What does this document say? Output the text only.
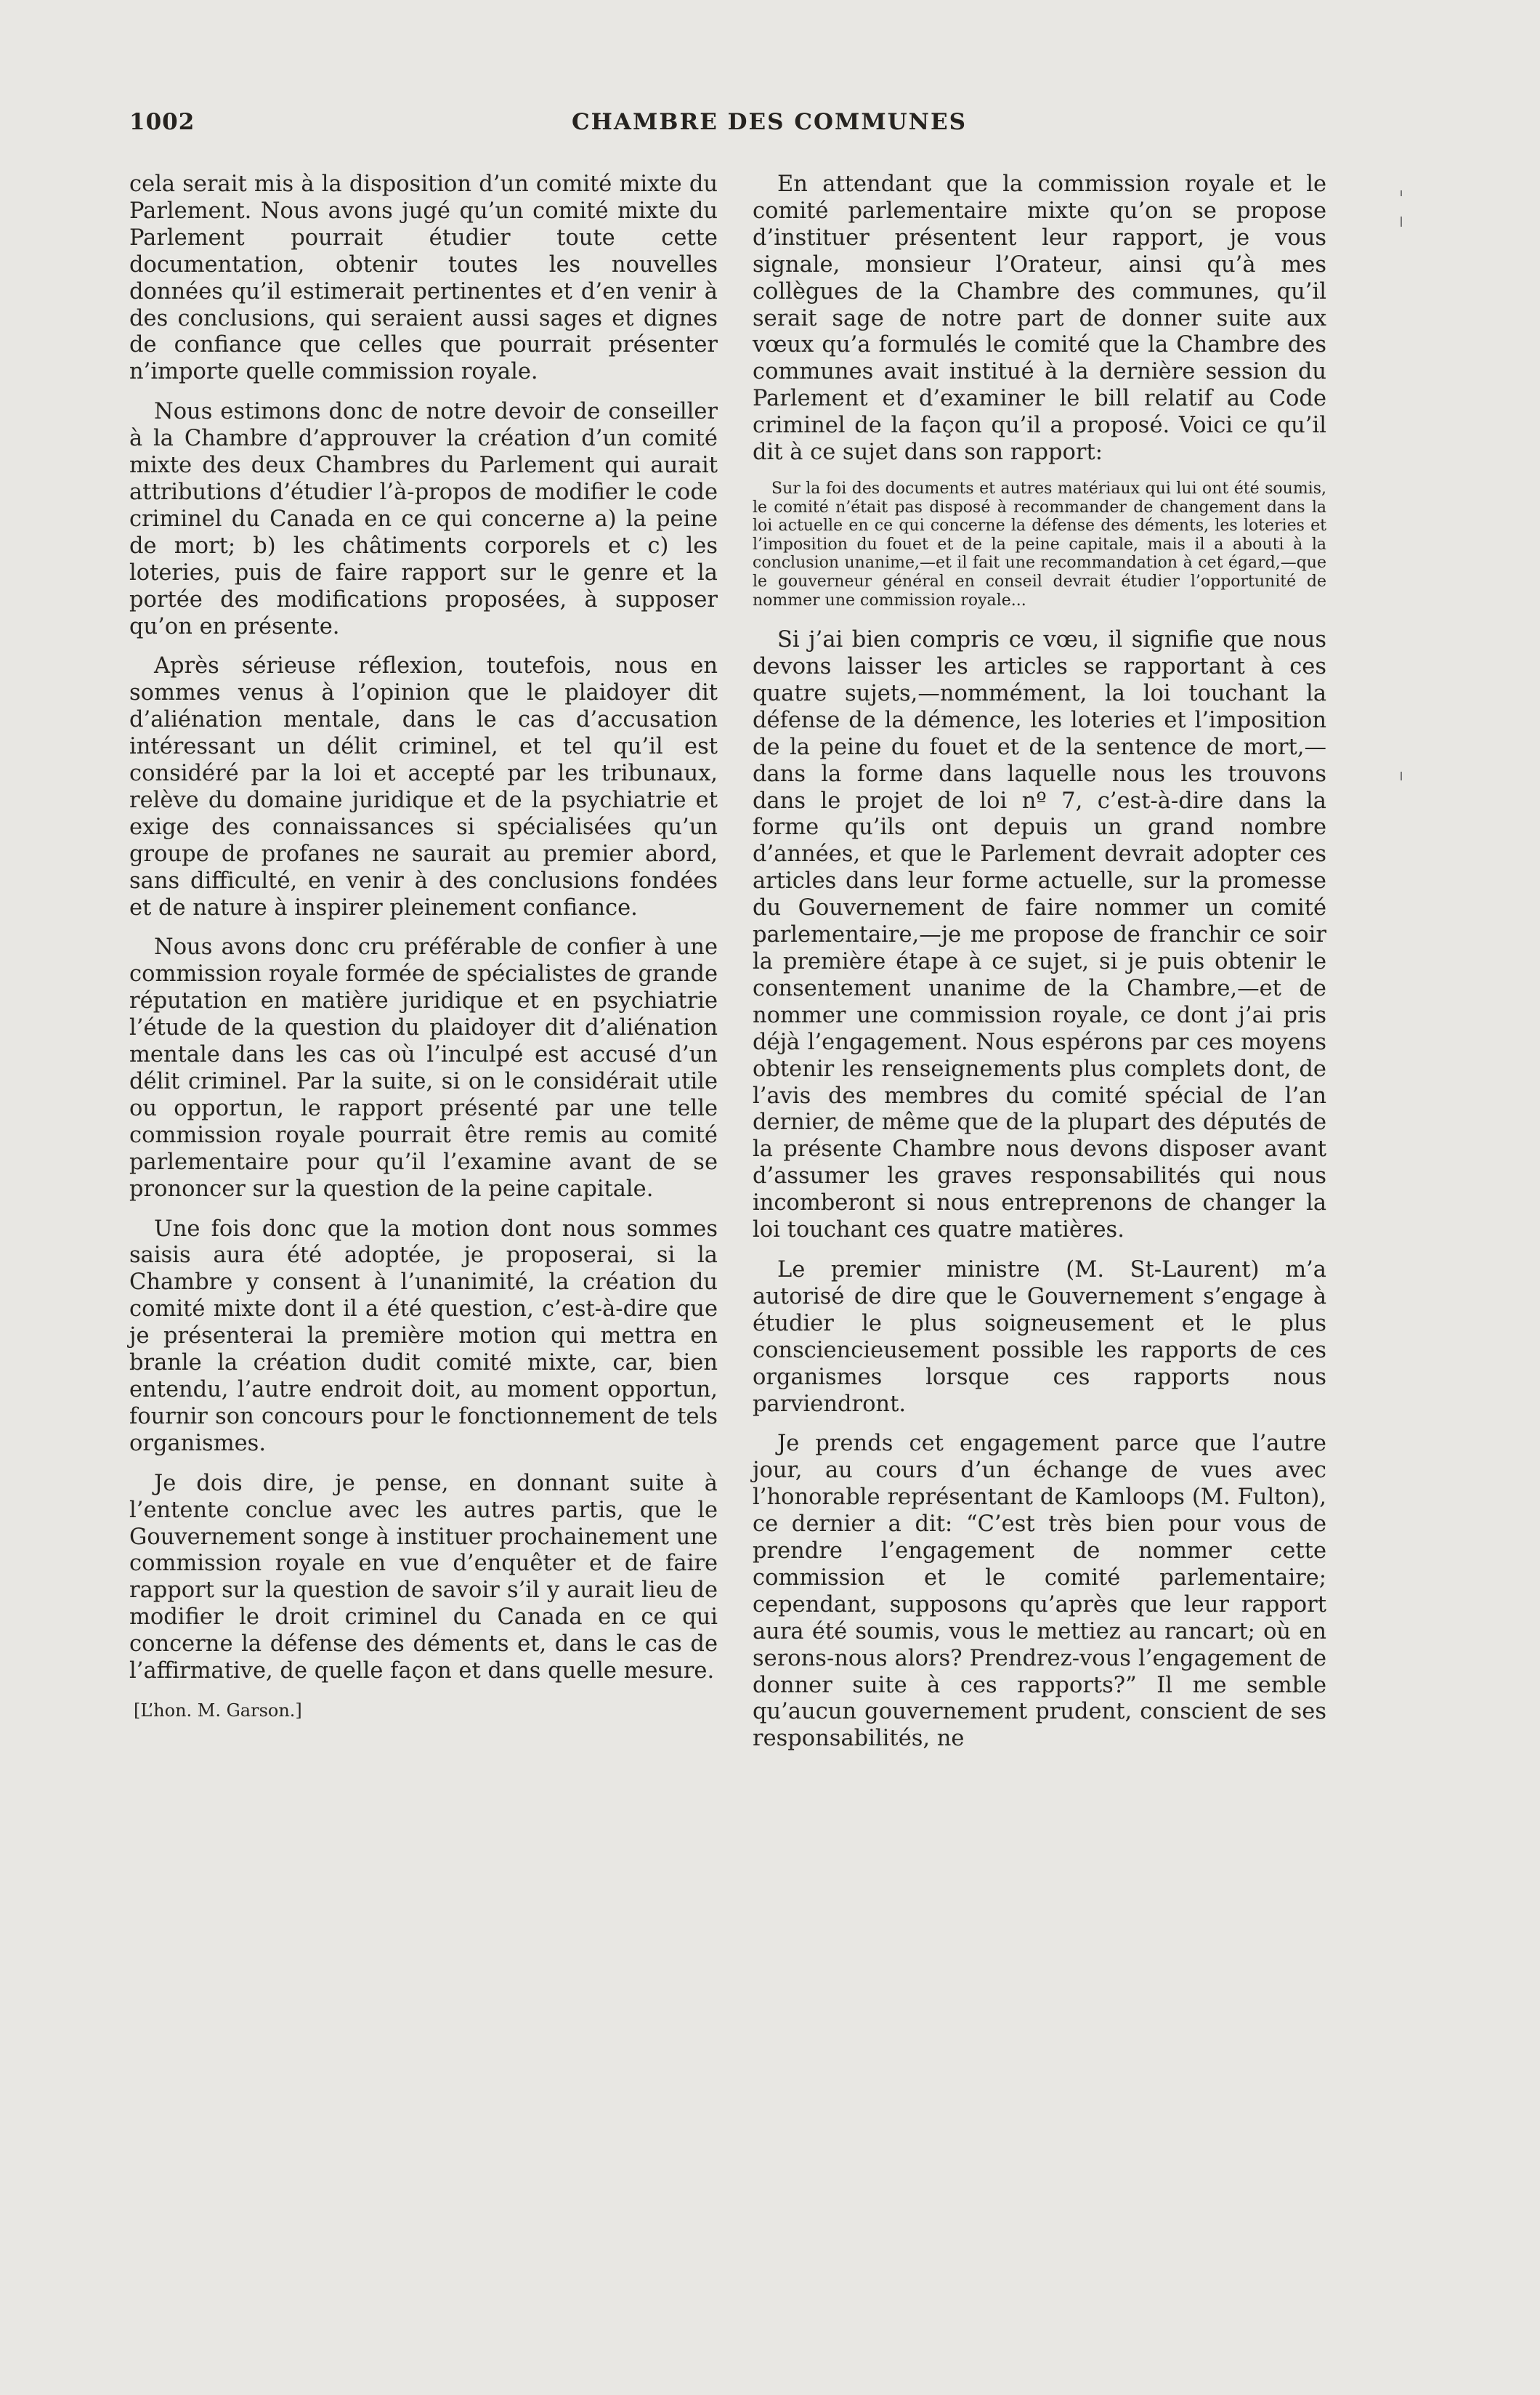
1002	CHAMBRE DES COMMUNES

cela serait mis à la disposition d’un comité mixte du Parlement. Nous avons jugé qu’un comité mixte du Parlement pourrait étudier toute cette documentation, obtenir toutes les nouvelles données qu’il estimerait pertinentes et d’en venir à des conclusions, qui seraient aussi sages et dignes de confiance que celles que pourrait présenter n’importe quelle commission royale.

Nous estimons donc de notre devoir de conseiller à la Chambre d’approuver la création d’un comité mixte des deux Chambres du Parlement qui aurait attributions d’étudier l’à-propos de modifier le code criminel du Canada en ce qui concerne a) la peine de mort; b) les châtiments corporels et c) les loteries, puis de faire rapport sur le genre et la portée des modifications proposées, à supposer qu’on en présente.

Après sérieuse réflexion, toutefois, nous en sommes venus à l’opinion que le plaidoyer dit d’aliénation mentale, dans le cas d’accusation intéressant un délit criminel, et tel qu’il est considéré par la loi et accepté par les tribunaux, relève du domaine juridique et de la psychiatrie et exige des connaissances si spécialisées qu’un groupe de profanes ne saurait au premier abord, sans difficulté, en venir à des conclusions fondées et de nature à inspirer pleinement confiance.

Nous avons donc cru préférable de confier à une commission royale formée de spécialistes de grande réputation en matière juridique et en psychiatrie l’étude de la question du plaidoyer dit d’aliénation mentale dans les cas où l’inculpé est accusé d’un délit criminel. Par la suite, si on le considérait utile ou opportun, le rapport présenté par une telle commission royale pourrait être remis au comité parlementaire pour qu’il l’examine avant de se prononcer sur la question de la peine capitale.

Une fois donc que la motion dont nous sommes saisis aura été adoptée, je proposerai, si la Chambre y consent à l’unanimité, la création du comité mixte dont il a été question, c’est-à-dire que je présenterai la première motion qui mettra en branle la création dudit comité mixte, car, bien entendu, l’autre endroit doit, au moment opportun, fournir son concours pour le fonctionnement de tels organismes.

Je dois dire, je pense, en donnant suite à l’entente conclue avec les autres partis, que le Gouvernement songe à instituer prochainement une commission royale en vue d’enquêter et de faire rapport sur la question de savoir s’il y aurait lieu de modifier le droit criminel du Canada en ce qui concerne la défense des déments et, dans le cas de l’affirmative, de quelle façon et dans quelle mesure.

[L’hon. M. Garson.]

En attendant que la commission royale et le comité parlementaire mixte qu’on se propose d’instituer présentent leur rapport, je vous signale, monsieur l’Orateur, ainsi qu’à mes collègues de la Chambre des communes, qu’il serait sage de notre part de donner suite aux vœux qu’a formulés le comité que la Chambre des communes avait institué à la dernière session du Parlement et d’examiner le bill relatif au Code criminel de la façon qu’il a proposé. Voici ce qu’il dit à ce sujet dans son rapport:

Sur la foi des documents et autres matériaux qui lui ont été soumis, le comité n’était pas disposé à recommander de changement dans la loi actuelle en ce qui concerne la défense des déments, les loteries et l’imposition du fouet et de la peine capitale, mais il a abouti à la conclusion unanime,—et il fait une recommandation à cet égard,—que le gouverneur général en conseil devrait étudier l’opportunité de nommer une commission royale...

Si j’ai bien compris ce vœu, il signifie que nous devons laisser les articles se rapportant à ces quatre sujets,—nommément, la loi touchant la défense de la démence, les loteries et l’imposition de la peine du fouet et de la sentence de mort,—dans la forme dans laquelle nous les trouvons dans le projet de loi nº 7, c’est-à-dire dans la forme qu’ils ont depuis un grand nombre d’années, et que le Parlement devrait adopter ces articles dans leur forme actuelle, sur la promesse du Gouvernement de faire nommer un comité parlementaire,—je me propose de franchir ce soir la première étape à ce sujet, si je puis obtenir le consentement unanime de la Chambre,—et de nommer une commission royale, ce dont j’ai pris déjà l’engagement. Nous espérons par ces moyens obtenir les renseignements plus complets dont, de l’avis des membres du comité spécial de l’an dernier, de même que de la plupart des députés de la présente Chambre nous devons disposer avant d’assumer les graves responsabilités qui nous incomberont si nous entreprenons de changer la loi touchant ces quatre matières.

Le premier ministre (M. St-Laurent) m’a autorisé de dire que le Gouvernement s’engage à étudier le plus soigneusement et le plus consciencieusement possible les rapports de ces organismes lorsque ces rapports nous parviendront.

Je prends cet engagement parce que l’autre jour, au cours d’un échange de vues avec l’honorable représentant de Kamloops (M. Fulton), ce dernier a dit: “C’est très bien pour vous de prendre l’engagement de nommer cette commission et le comité parlementaire; cependant, supposons qu’après que leur rapport aura été soumis, vous le mettiez au rancart; où en serons-nous alors? Prendrez-vous l’engagement de donner suite à ces rapports?” Il me semble qu’aucun gouvernement prudent, conscient de ses responsabilités, ne
